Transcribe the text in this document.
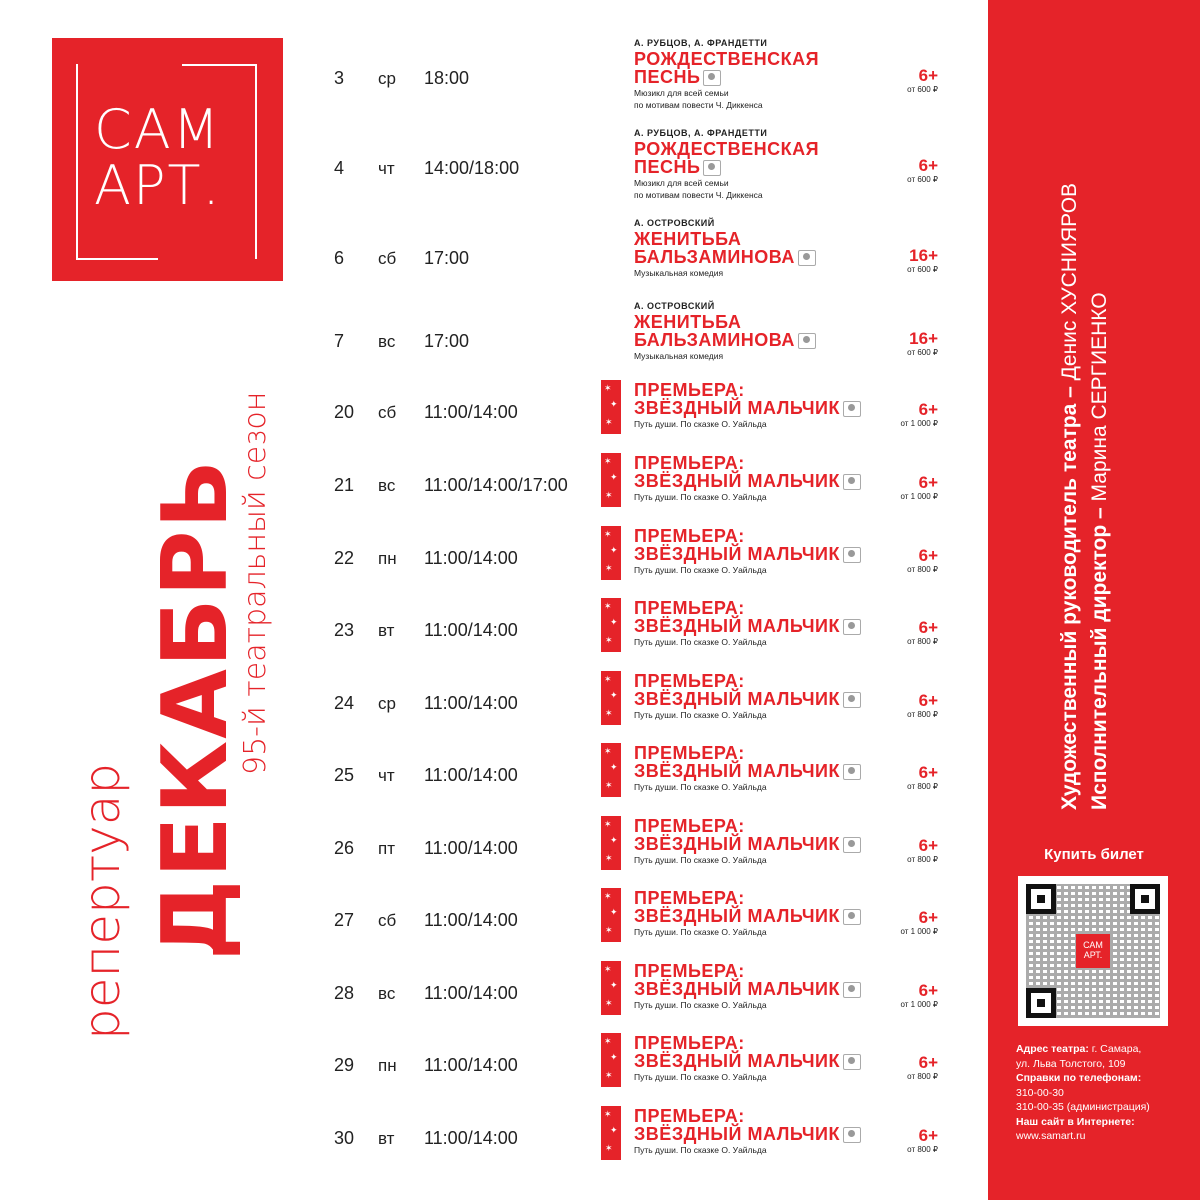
САМ
АРТ.
репертуар ДЕКАБРЬ
95-й театральный сезон
3 ср 18:00
А. РУБЦОВ, А. ФРАНДЕТТИ
РОЖДЕСТВЕНСКАЯ
ПЕСНЬ
Мюзикл для всей семьи
по мотивам повести Ч. Диккенса
6+
от 600 ₽
4 чт 14:00/18:00
А. РУБЦОВ, А. ФРАНДЕТТИ
РОЖДЕСТВЕНСКАЯ
ПЕСНЬ
Мюзикл для всей семьи
по мотивам повести Ч. Диккенса
6+
от 600 ₽
6 сб 17:00
А. ОСТРОВСКИЙ
ЖЕНИТЬБА
БАЛЬЗАМИНОВА
Музыкальная комедия
16+
от 600 ₽
7 вс 17:00
А. ОСТРОВСКИЙ
ЖЕНИТЬБА
БАЛЬЗАМИНОВА
Музыкальная комедия
16+
от 600 ₽
20 сб 11:00/14:00
✶
✦
✶
ПРЕМЬЕРА:
ЗВЁЗДНЫЙ МАЛЬЧИК
Путь души. По сказке О. Уайльда
6+
от 1 000 ₽
21 вс 11:00/14:00/17:00
✶
✦
✶
ПРЕМЬЕРА:
ЗВЁЗДНЫЙ МАЛЬЧИК
Путь души. По сказке О. Уайльда
6+
от 1 000 ₽
22 пн 11:00/14:00
✶
✦
✶
ПРЕМЬЕРА:
ЗВЁЗДНЫЙ МАЛЬЧИК
Путь души. По сказке О. Уайльда
6+
от 800 ₽
23 вт 11:00/14:00
✶
✦
✶
ПРЕМЬЕРА:
ЗВЁЗДНЫЙ МАЛЬЧИК
Путь души. По сказке О. Уайльда
6+
от 800 ₽
24 ср 11:00/14:00
✶
✦
✶
ПРЕМЬЕРА:
ЗВЁЗДНЫЙ МАЛЬЧИК
Путь души. По сказке О. Уайльда
6+
от 800 ₽
25 чт 11:00/14:00
✶
✦
✶
ПРЕМЬЕРА:
ЗВЁЗДНЫЙ МАЛЬЧИК
Путь души. По сказке О. Уайльда
6+
от 800 ₽
26 пт 11:00/14:00
✶
✦
✶
ПРЕМЬЕРА:
ЗВЁЗДНЫЙ МАЛЬЧИК
Путь души. По сказке О. Уайльда
6+
от 800 ₽
27 сб 11:00/14:00
✶
✦
✶
ПРЕМЬЕРА:
ЗВЁЗДНЫЙ МАЛЬЧИК
Путь души. По сказке О. Уайльда
6+
от 1 000 ₽
28 вс 11:00/14:00
✶
✦
✶
ПРЕМЬЕРА:
ЗВЁЗДНЫЙ МАЛЬЧИК
Путь души. По сказке О. Уайльда
6+
от 1 000 ₽
29 пн 11:00/14:00
✶
✦
✶
ПРЕМЬЕРА:
ЗВЁЗДНЫЙ МАЛЬЧИК
Путь души. По сказке О. Уайльда
6+
от 800 ₽
30 вт 11:00/14:00
✶
✦
✶
ПРЕМЬЕРА:
ЗВЁЗДНЫЙ МАЛЬЧИК
Путь души. По сказке О. Уайльда
6+
от 800 ₽
Художественный руководитель театра – Денис ХУСНИЯРОВ
Исполнительный директор – Марина СЕРГИЕНКО
Купить билет
САМ
АРТ.
Адрес театра: г. Самара,
ул. Льва Толстого, 109
Справки по телефонам:
310-00-30
310-00-35 (администрация)
Наш сайт в Интернете:
www.samart.ru
